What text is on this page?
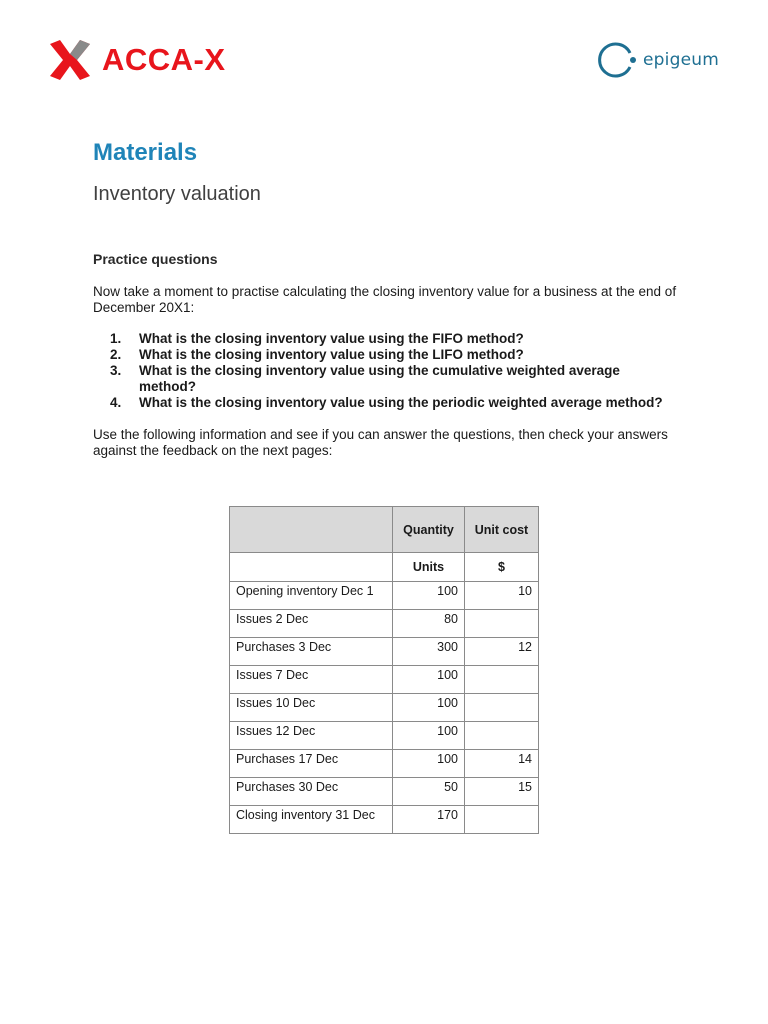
ACCA-X	epigeum
Materials
Inventory valuation
Practice questions
Now take a moment to practise calculating the closing inventory value for a business at the end of December 20X1:
1.	What is the closing inventory value using the FIFO method?
2.	What is the closing inventory value using the LIFO method?
3.	What is the closing inventory value using the cumulative weighted average method?
4.	What is the closing inventory value using the periodic weighted average method?
Use the following information and see if you can answer the questions, then check your answers against the feedback on the next pages:
	Quantity	Unit cost
	Units	$
Opening inventory Dec 1	100	10
Issues 2 Dec	80	
Purchases 3 Dec	300	12
Issues 7 Dec	100	
Issues 10 Dec	100	
Issues 12 Dec	100	
Purchases 17 Dec	100	14
Purchases 30 Dec	50	15
Closing inventory 31 Dec	170	
